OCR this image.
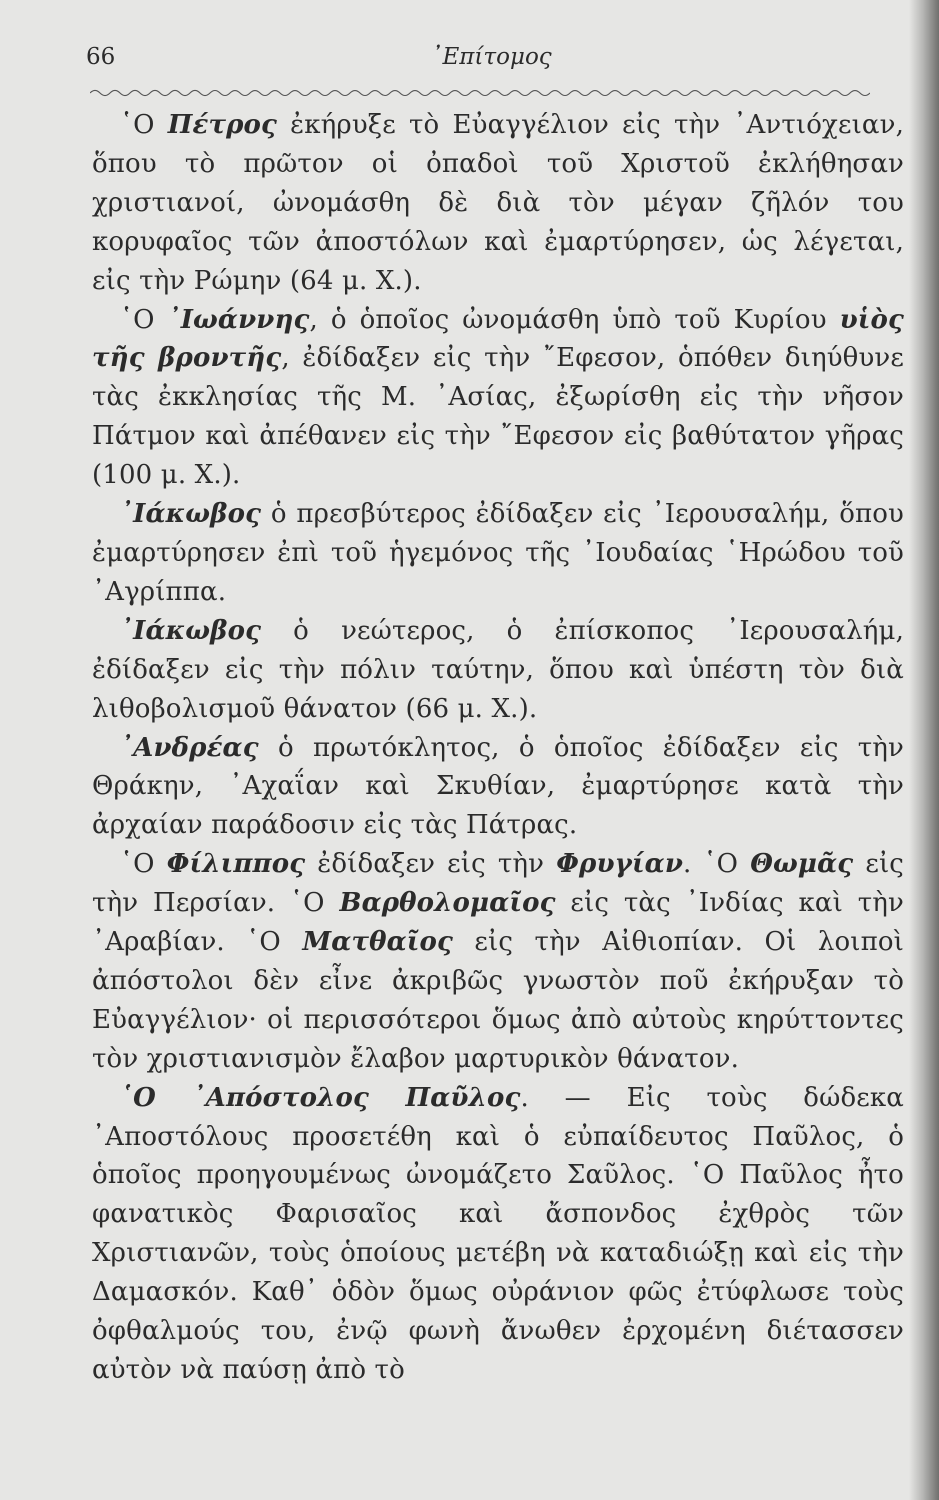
66	᾿Επίτομος

῾Ο Πέτρος ἐκήρυξε τὸ Εὐαγγέλιον εἰς τὴν ᾿Αντιόχειαν, ὅπου τὸ πρῶτον οἱ ὀπαδοὶ τοῦ Χριστοῦ ἐκλήθησαν χριστιανοί, ὠνομάσθη δὲ διὰ τὸν μέγαν ζῆλόν του κορυφαῖος τῶν ἀποστόλων καὶ ἐμαρτύρησεν, ὡς λέγεται, εἰς τὴν Ρώμην (64 μ. Χ.).

῾Ο ᾿Ιωάννης, ὁ ὁποῖος ὠνομάσθη ὑπὸ τοῦ Κυρίου υἱὸς τῆς βροντῆς, ἐδίδαξεν εἰς τὴν ῎Εφεσον, ὁπόθεν διηύθυνε τὰς ἐκκλησίας τῆς Μ. ᾿Ασίας, ἐξωρίσθη εἰς τὴν νῆσον Πάτμον καὶ ἀπέθανεν εἰς τὴν ῎Εφεσον εἰς βαθύτατον γῆρας (100 μ. Χ.).

᾿Ιάκωβος ὁ πρεσβύτερος ἐδίδαξεν εἰς ᾿Ιερουσαλήμ, ὅπου ἐμαρτύρησεν ἐπὶ τοῦ ἡγεμόνος τῆς ᾿Ιουδαίας ῾Ηρώδου τοῦ ᾿Αγρίππα.

᾿Ιάκωβος ὁ νεώτερος, ὁ ἐπίσκοπος ᾿Ιερουσαλήμ, ἐδίδαξεν εἰς τὴν πόλιν ταύτην, ὅπου καὶ ὑπέστη τὸν διὰ λιθοβολισμοῦ θάνατον (66 μ. Χ.).

᾿Ανδρέας ὁ πρωτόκλητος, ὁ ὁποῖος ἐδίδαξεν εἰς τὴν Θράκην, ᾿Αχαΐαν καὶ Σκυθίαν, ἐμαρτύρησε κατὰ τὴν ἀρχαίαν παράδοσιν εἰς τὰς Πάτρας.

῾Ο Φίλιππος ἐδίδαξεν εἰς τὴν Φρυγίαν. ῾Ο Θωμᾶς εἰς τὴν Περσίαν. ῾Ο Βαρθολομαῖος εἰς τὰς ᾿Ινδίας καὶ τὴν ᾿Αραβίαν. ῾Ο Ματθαῖος εἰς τὴν Αἰθιοπίαν. Οἱ λοιποὶ ἀπόστολοι δὲν εἶνε ἀκριβῶς γνωστὸν ποῦ ἐκήρυξαν τὸ Εὐαγγέλιον· οἱ περισσότεροι ὅμως ἀπὸ αὐτοὺς κηρύττοντες τὸν χριστιανισμὸν ἔλαβον μαρτυρικὸν θάνατον.

῾Ο ᾿Απόστολος Παῦλος. — Εἰς τοὺς δώδεκα ᾿Αποστόλους προσετέθη καὶ ὁ εὐπαίδευτος Παῦλος, ὁ ὁποῖος προηγουμένως ὠνομάζετο Σαῦλος. ῾Ο Παῦλος ἦτο φανατικὸς Φαρισαῖος καὶ ἄσπονδος ἐχθρὸς τῶν Χριστιανῶν, τοὺς ὁποίους μετέβη νὰ καταδιώξῃ καὶ εἰς τὴν Δαμασκόν. Καθ᾿ ὁδὸν ὅμως οὐράνιον φῶς ἐτύφλωσε τοὺς ὀφθαλμούς του, ἐνῷ φωνὴ ἄνωθεν ἐρχομένη διέτασσεν αὐτὸν νὰ παύσῃ ἀπὸ τὸ
